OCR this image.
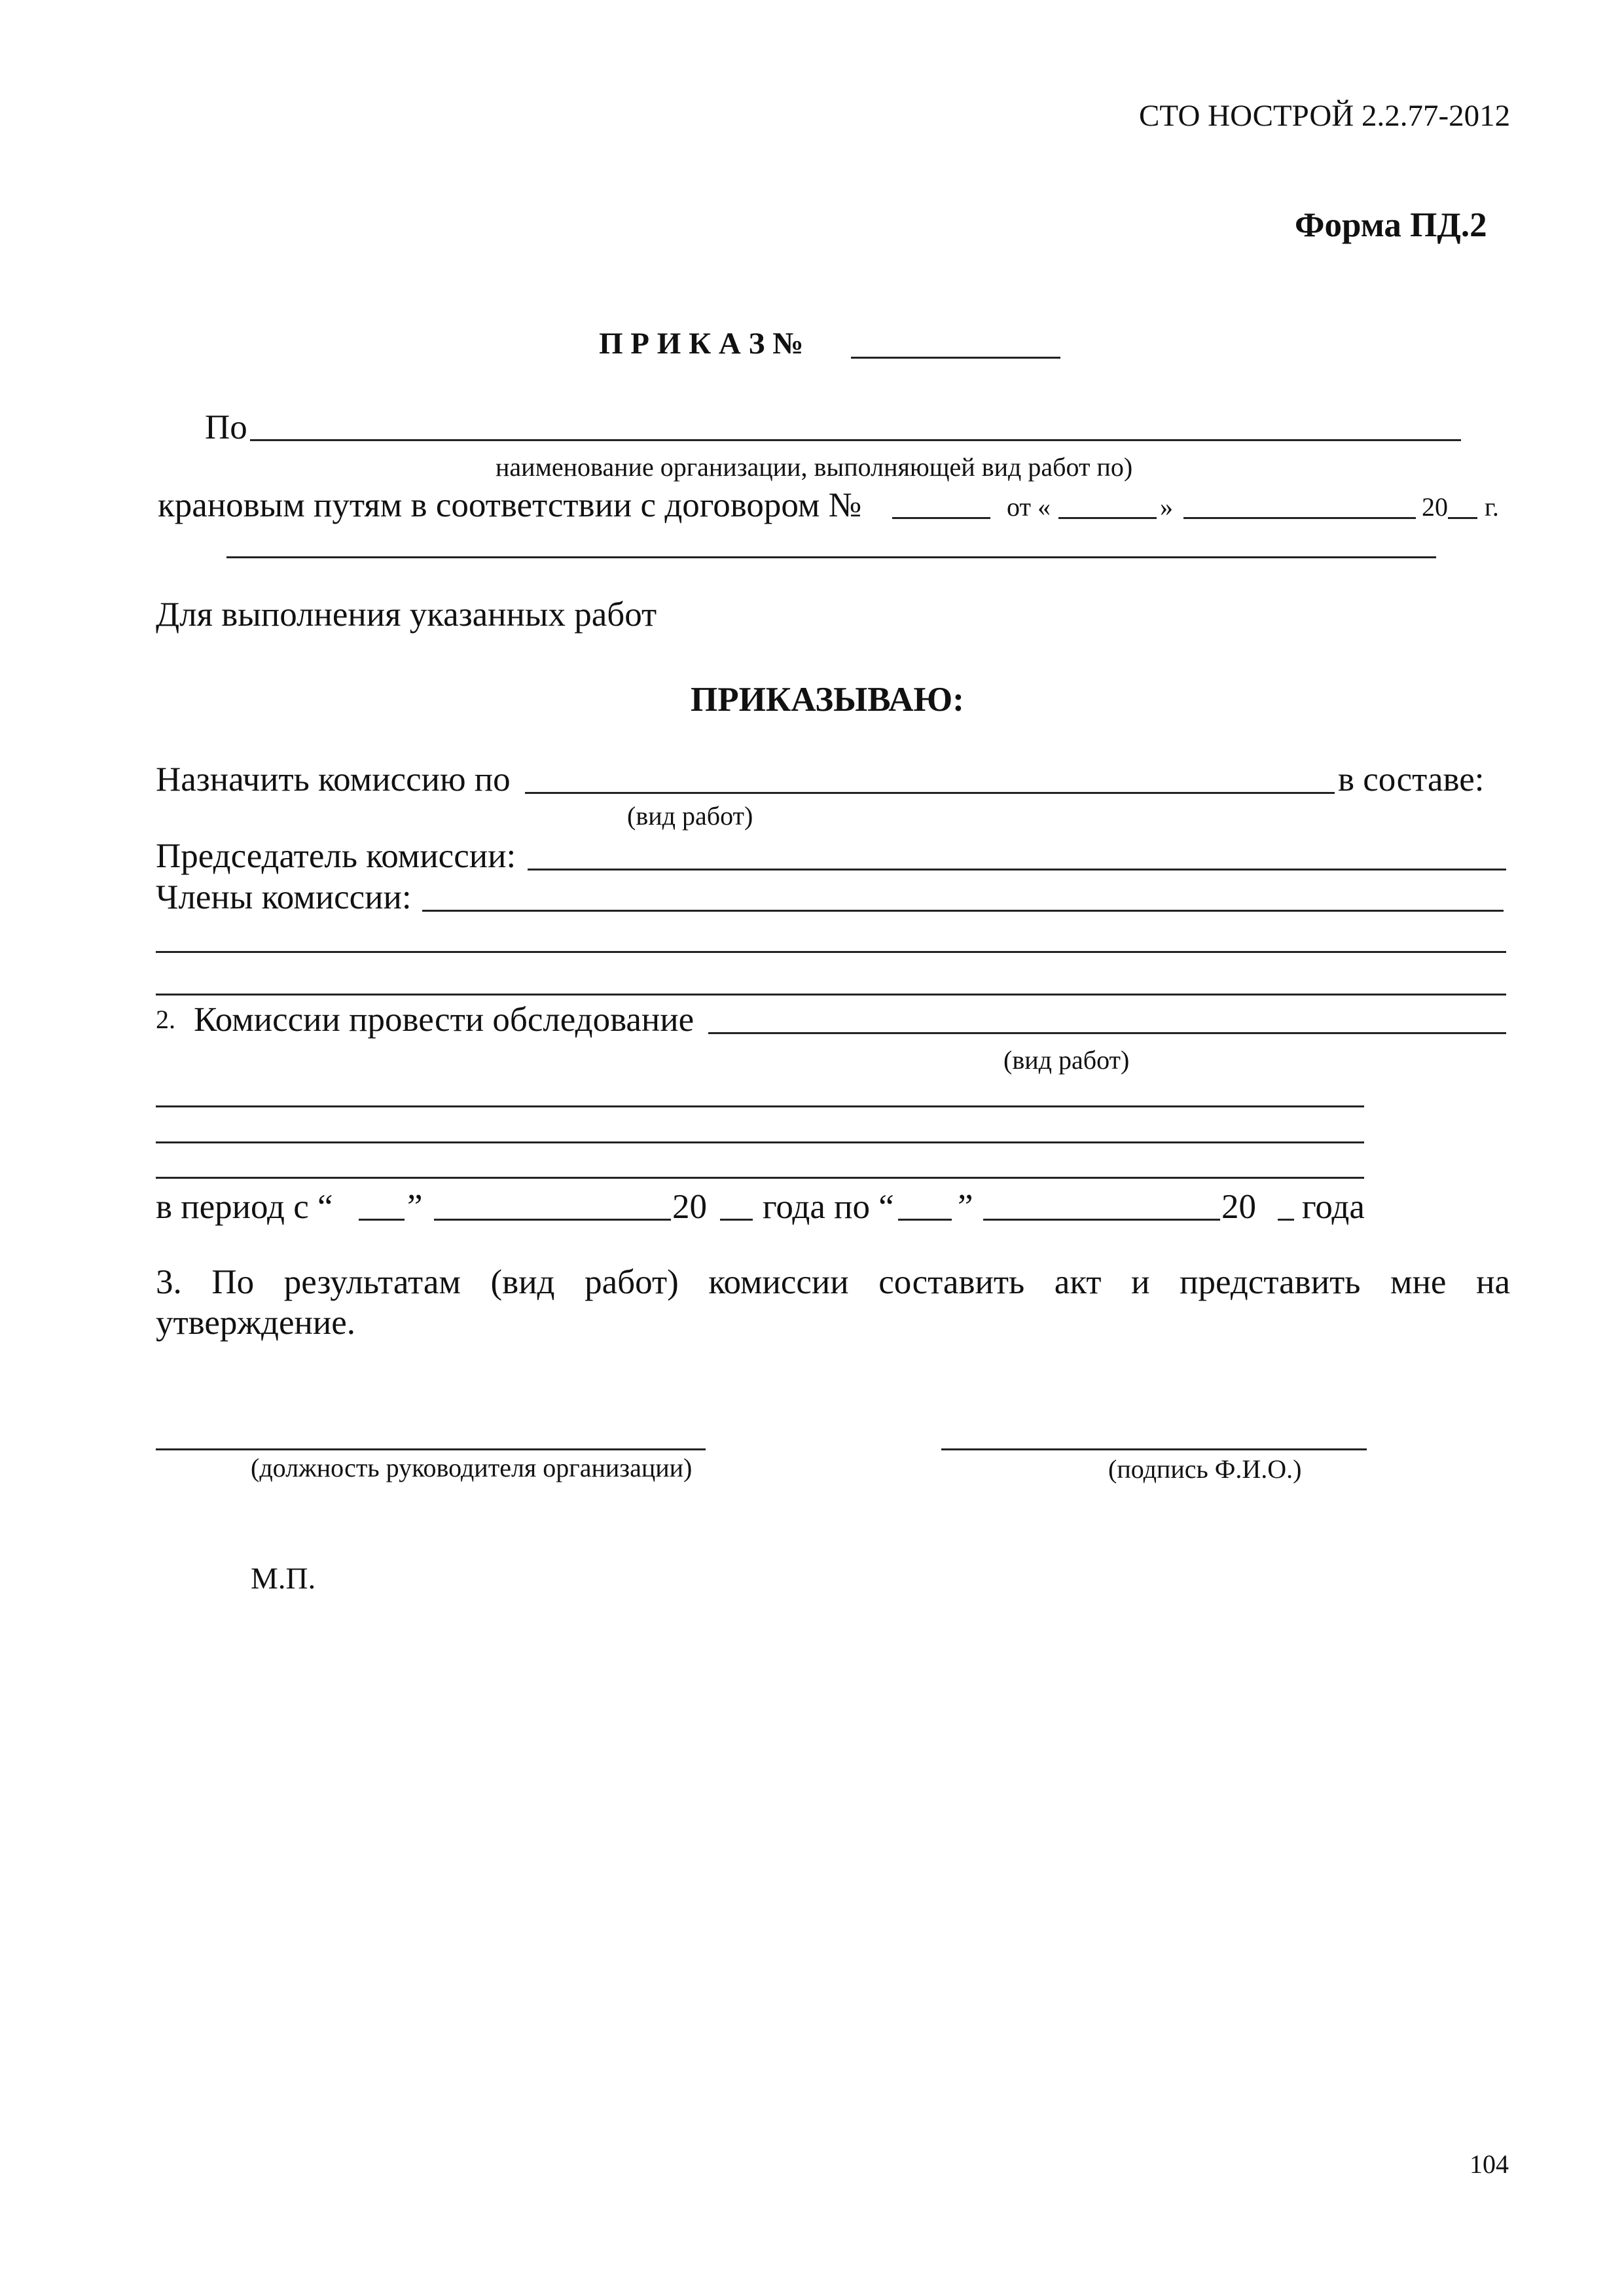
СТО НОСТРОЙ 2.2.77-2012
Форма ПД.2
П Р И К А З №
По
наименование организации, выполняющей вид работ по)
крановым путям в соответствии с договором №	от «	»	20 г.
Для выполнения указанных работ
ПРИКАЗЫВАЮ:
Назначить комиссию по	в составе:
(вид работ)
Председатель комиссии:
Члены комиссии:
2. Комиссии провести обследование
(вид работ)
в период с “ ”	20 года по “ ”	20 года
3. По результатам (вид работ) комиссии составить акт и представить мне на
утверждение.
(должность руководителя организации)	(подпись Ф.И.О.)
М.П.
104
